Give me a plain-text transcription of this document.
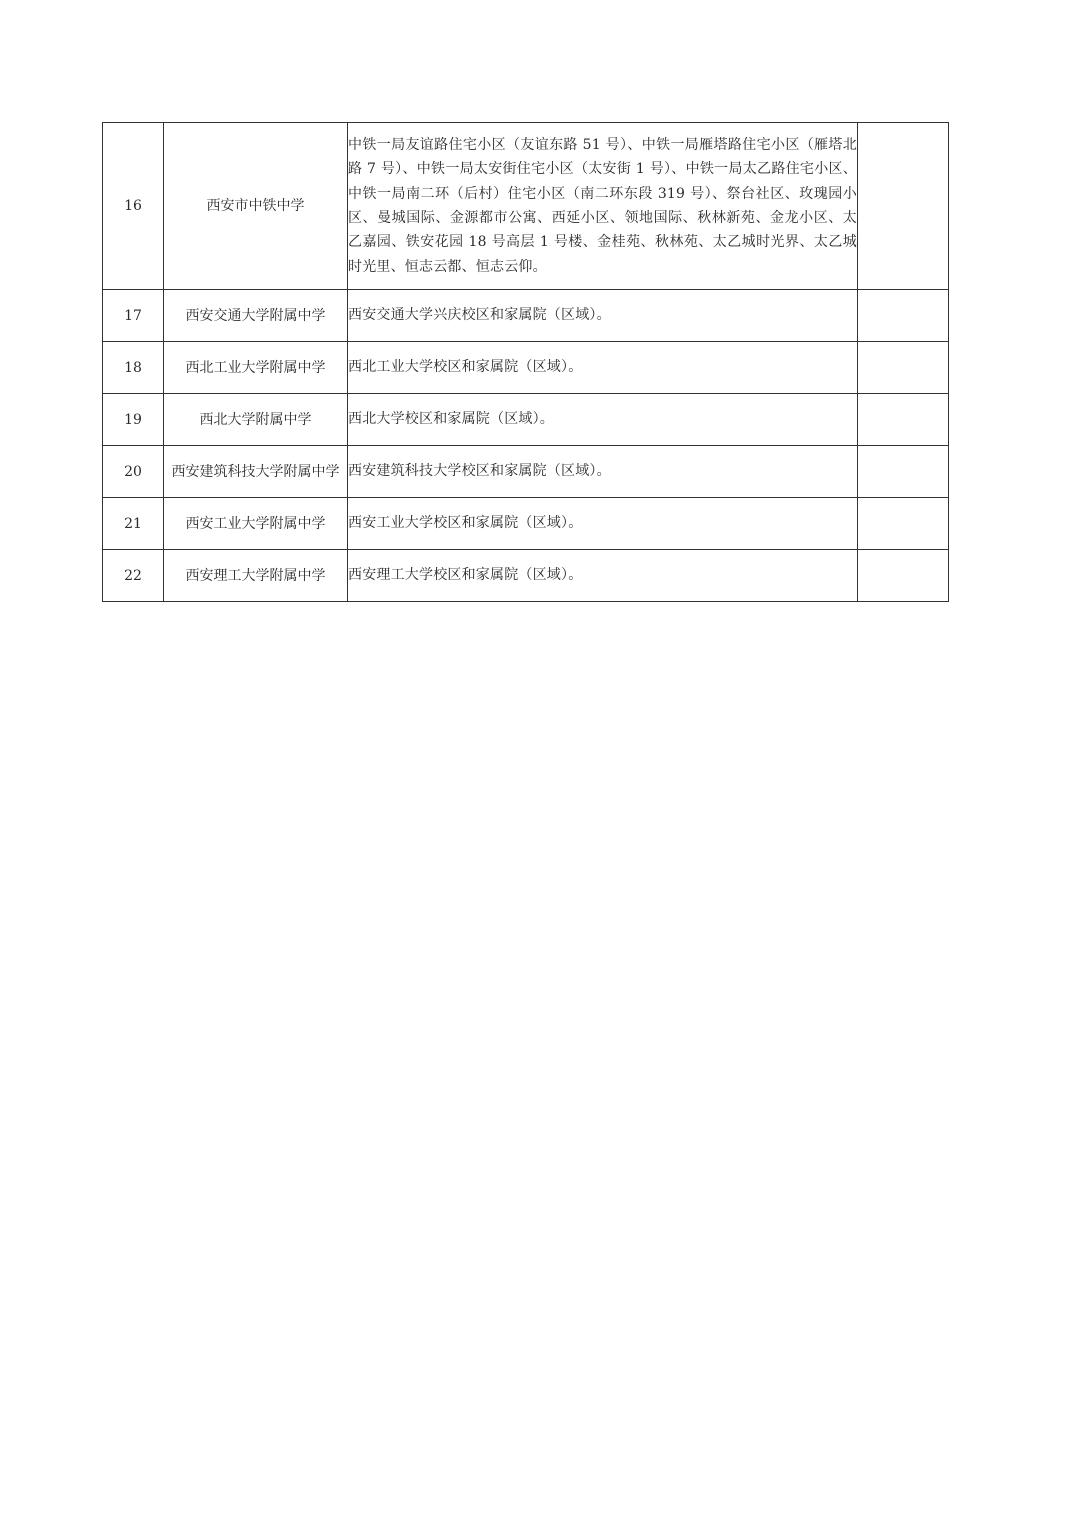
16	西安市中铁中学	中铁一局友谊路住宅小区（友谊东路 51 号）、中铁一局雁塔路住宅小区（雁塔北路 7 号）、中铁一局太安街住宅小区（太安街 1 号）、中铁一局太乙路住宅小区、中铁一局南二环（后村）住宅小区（南二环东段 319 号）、祭台社区、玫瑰园小区、曼城国际、金源都市公寓、西延小区、领地国际、秋林新苑、金龙小区、太乙嘉园、铁安花园 18 号高层 1 号楼、金桂苑、秋林苑、太乙城时光界、太乙城时光里、恒志云都、恒志云仰。	
17	西安交通大学附属中学	西安交通大学兴庆校区和家属院（区域）。	
18	西北工业大学附属中学	西北工业大学校区和家属院（区域）。	
19	西北大学附属中学	西北大学校区和家属院（区域）。	
20	西安建筑科技大学附属中学	西安建筑科技大学校区和家属院（区域）。	
21	西安工业大学附属中学	西安工业大学校区和家属院（区域）。	
22	西安理工大学附属中学	西安理工大学校区和家属院（区域）。	
